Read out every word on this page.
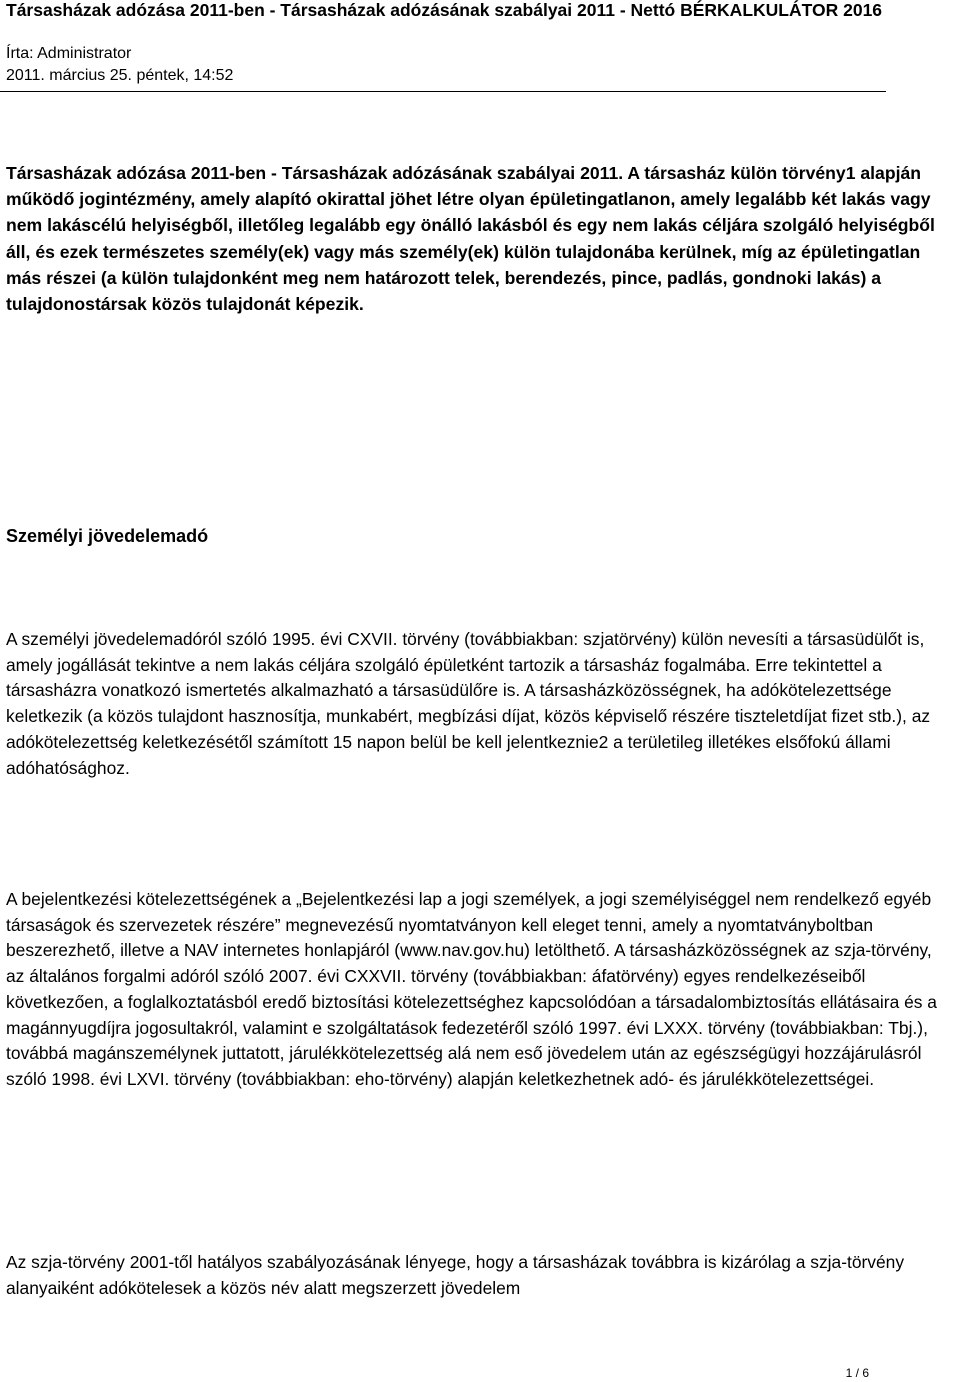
Társasházak adózása 2011-ben - Társasházak adózásának szabályai 2011 - Nettó BÉRKALKULÁTOR 2016
Írta: Administrator
2011. március 25. péntek, 14:52

Társasházak adózása 2011-ben - Társasházak adózásának szabályai 2011. A társasház külön törvény1 alapján működő jogintézmény, amely alapító okirattal jöhet létre olyan épületingatlanon, amely legalább két lakás vagy nem lakáscélú helyiségből, illetőleg legalább egy önálló lakásból és egy nem lakás céljára szolgáló helyiségből áll, és ezek természetes személy(ek) vagy más személy(ek) külön tulajdonába kerülnek, míg az épületingatlan más részei (a külön tulajdonként meg nem határozott telek, berendezés, pince, padlás, gondnoki lakás) a tulajdonostársak közös tulajdonát képezik.

Személyi jövedelemadó

A személyi jövedelemadóról szóló 1995. évi CXVII. törvény (továbbiakban: szjatörvény) külön nevesíti a társasüdülőt is, amely jogállását tekintve a nem lakás céljára szolgáló épületként tartozik a társasház fogalmába. Erre tekintettel a társasházra vonatkozó ismertetés alkalmazható a társasüdülőre is. A társasházközösségnek, ha adókötelezettsége keletkezik (a közös tulajdont hasznosítja, munkabért, megbízási díjat, közös képviselő részére tiszteletdíjat fizet stb.), az adókötelezettség keletkezésétől számított 15 napon belül be kell jelentkeznie2 a területileg illetékes elsőfokú állami adóhatósághoz.

A bejelentkezési kötelezettségének a „Bejelentkezési lap a jogi személyek, a jogi személyiséggel nem rendelkező egyéb társaságok és szervezetek részére” megnevezésű nyomtatványon kell eleget tenni, amely a nyomtatványboltban beszerezhető, illetve a NAV internetes honlapjáról (www.nav.gov.hu) letölthető. A társasházközösségnek az szja-törvény, az általános forgalmi adóról szóló 2007. évi CXXVII. törvény (továbbiakban: áfatörvény) egyes rendelkezéseiből következően, a foglalkoztatásból eredő biztosítási kötelezettséghez kapcsolódóan a társadalombiztosítás ellátásaira és a magánnyugdíjra jogosultakról, valamint e szolgáltatások fedezetéről szóló 1997. évi LXXX. törvény (továbbiakban: Tbj.), továbbá magánszemélynek juttatott, járulékkötelezettség alá nem eső jövedelem után az egészségügyi hozzájárulásról szóló 1998. évi LXVI. törvény (továbbiakban: eho-törvény) alapján keletkezhetnek adó- és járulékkötelezettségei.

Az szja-törvény 2001-től hatályos szabályozásának lényege, hogy a társasházak továbbra is kizárólag a szja-törvény alanyaiként adókötelesek a közös név alatt megszerzett jövedelem

1 / 6
